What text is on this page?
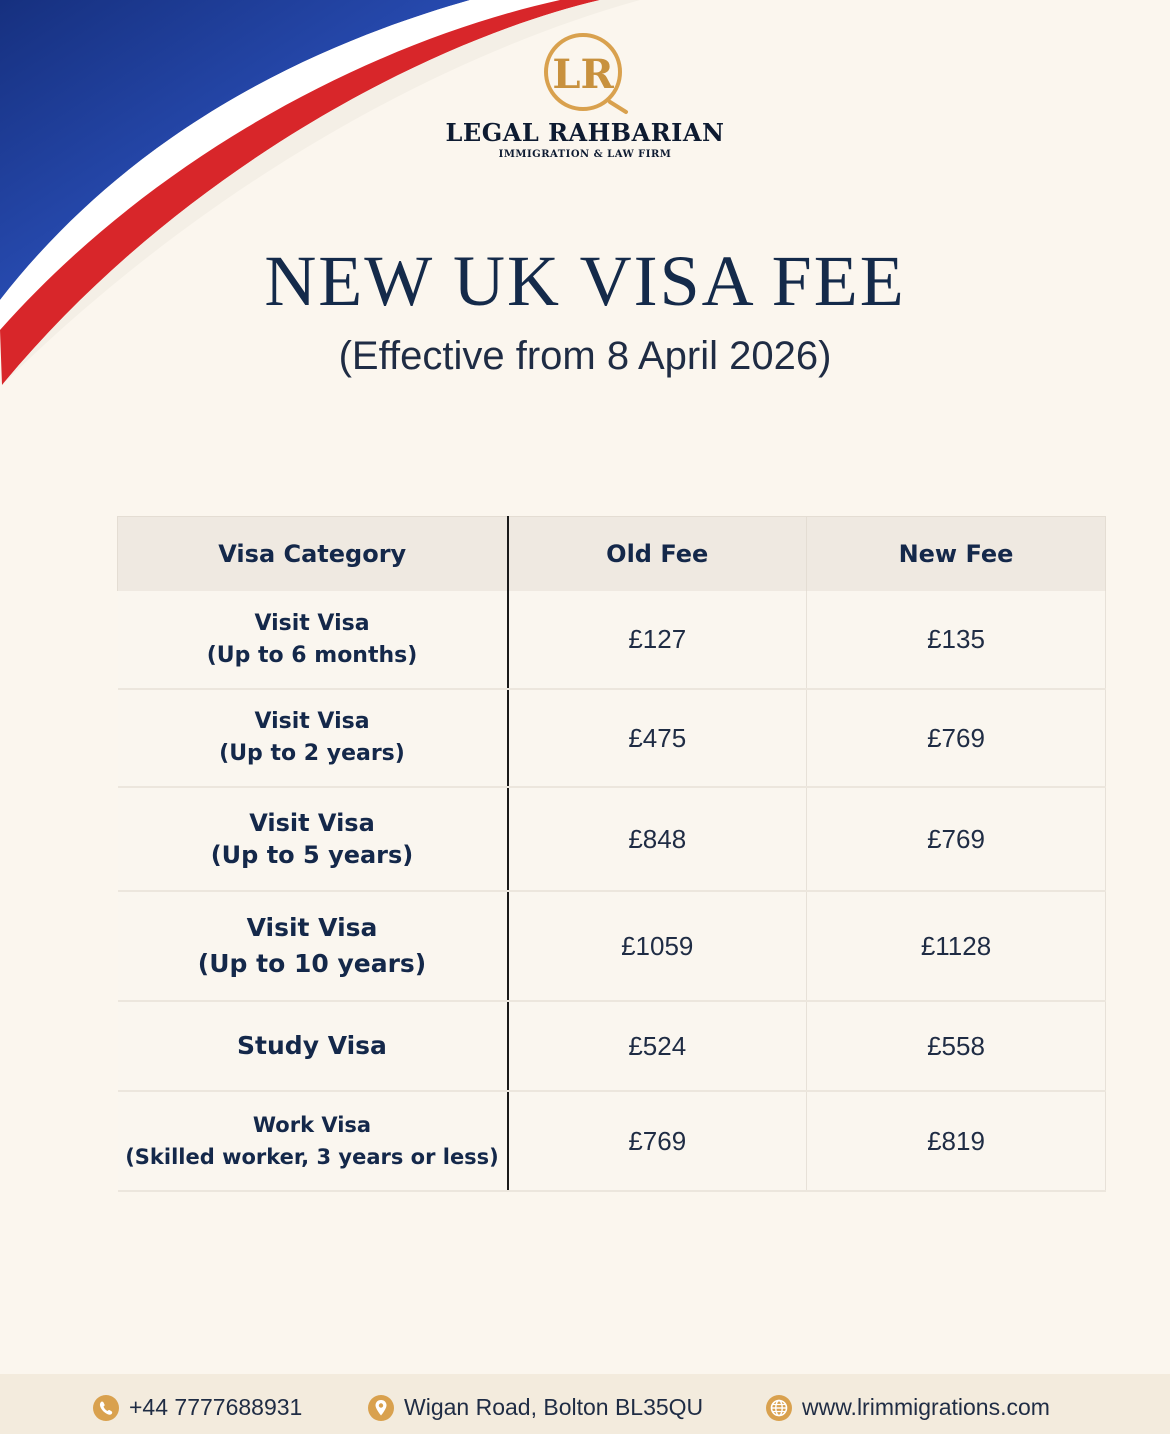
LR
LEGAL RAHBARIAN
IMMIGRATION & LAW FIRM
NEW UK VISA FEE
(Effective from 8 April 2026)
Visa Category	Old Fee	New Fee
Visit Visa
(Up to 6 months)	£127	£135
Visit Visa
(Up to 2 years)	£475	£769
Visit Visa
(Up to 5 years)	£848	£769
Visit Visa
(Up to 10 years)	£1059	£1128
Study Visa	£524	£558
Work Visa
(Skilled worker, 3 years or less)	£769	£819
+44 7777688931	Wigan Road, Bolton BL35QU	www.lrimmigrations.com
